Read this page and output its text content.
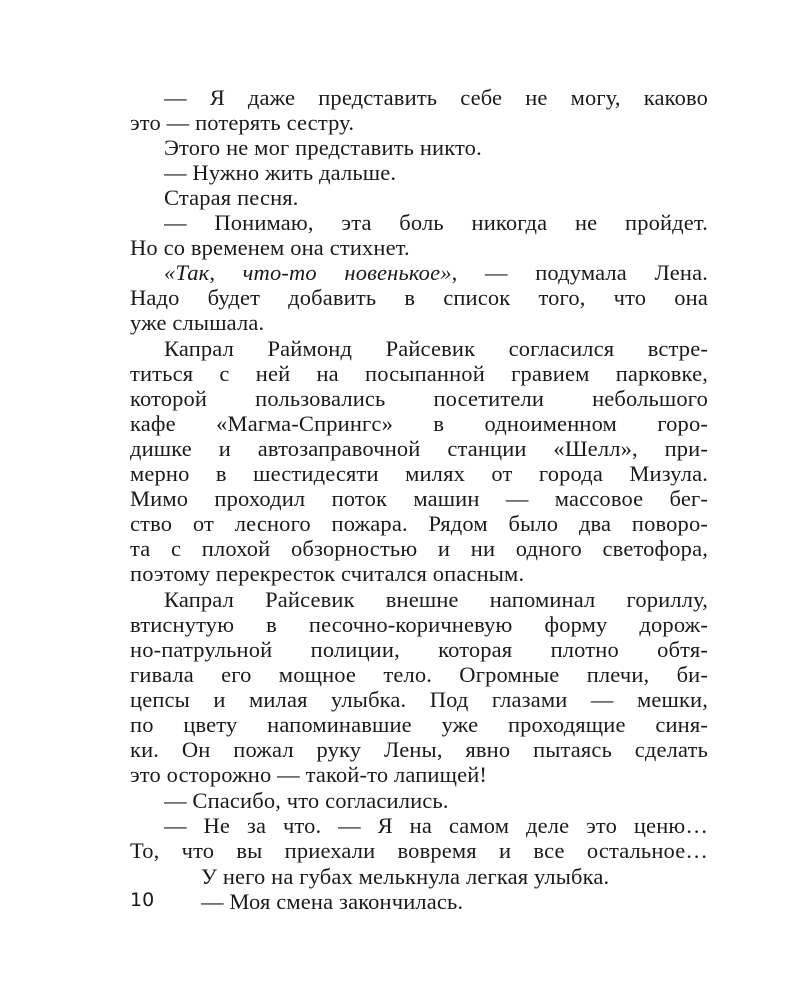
— Я даже представить себе не могу, каково
это — потерять сестру.
Этого не мог представить никто.
— Нужно жить дальше.
Старая песня.
— Понимаю, эта боль никогда не пройдет.
Но со временем она стихнет.
«Так, что-то новенькое», — подумала Лена.
Надо будет добавить в список того, что она
уже слышала.
Капрал Раймонд Райсевик согласился встре-
титься с ней на посыпанной гравием парковке,
которой пользовались посетители небольшого
кафе «Магма-Спрингс» в одноименном горо-
дишке и автозаправочной станции «Шелл», при-
мерно в шестидесяти милях от города Мизула.
Мимо проходил поток машин — массовое бег-
ство от лесного пожара. Рядом было два поворо-
та с плохой обзорностью и ни одного светофора,
поэтому перекресток считался опасным.
Капрал Райсевик внешне напоминал гориллу,
втиснутую в песочно-коричневую форму дорож-
но-патрульной полиции, которая плотно обтя-
гивала его мощное тело. Огромные плечи, би-
цепсы и милая улыбка. Под глазами — мешки,
по цвету напоминавшие уже проходящие синя-
ки. Он пожал руку Лены, явно пытаясь сделать
это осторожно — такой-то лапищей!
— Спасибо, что согласились.
— Не за что. — Я на самом деле это ценю…
То, что вы приехали вовремя и все остальное…
У него на губах мелькнула легкая улыбка.
10 — Моя смена закончилась.
